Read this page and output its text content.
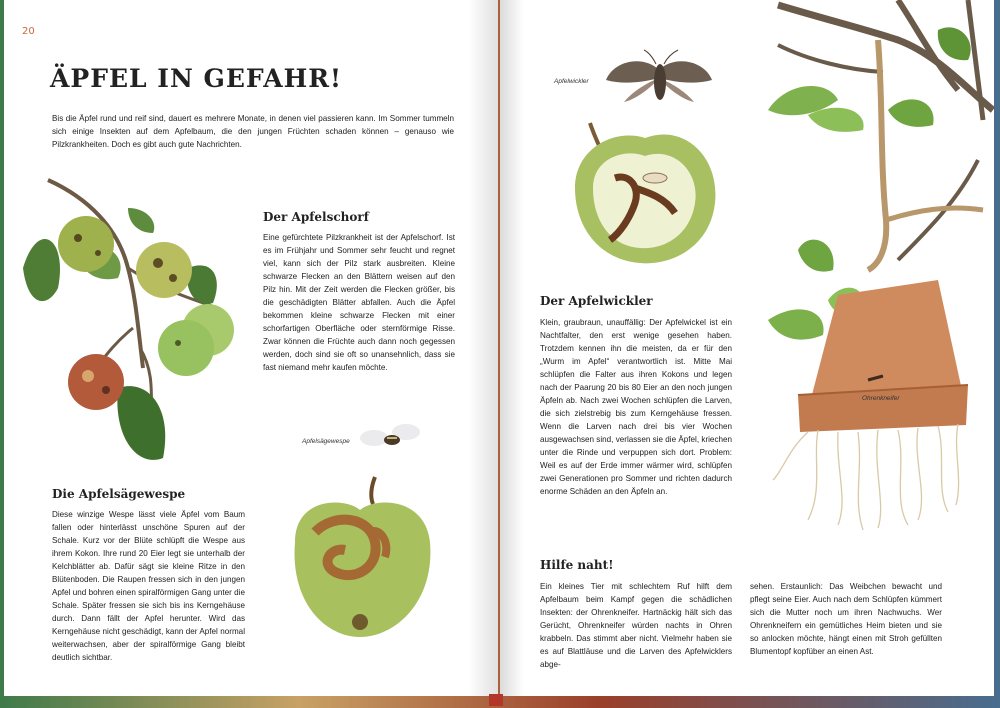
20
ÄPFEL IN GEFAHR!
Bis die Äpfel rund und reif sind, dauert es mehrere Monate, in denen viel passieren kann. Im Sommer tummeln sich einige Insekten auf dem Apfelbaum, die den jungen Früchten schaden können – genauso wie Pilzkrankheiten. Doch es gibt auch gute Nachrichten.
Der Apfelschorf
Eine gefürchtete Pilzkrankheit ist der Apfelschorf. Ist es im Frühjahr und Sommer sehr feucht und regnet viel, kann sich der Pilz stark ausbreiten. Kleine schwarze Flecken an den Blättern weisen auf den Pilz hin. Mit der Zeit werden die Flecken größer, bis die geschädigten Blätter abfallen. Auch die Äpfel bekommen kleine schwarze Flecken mit einer schorfartigen Oberfläche oder sternförmige Risse. Zwar können die Früchte auch dann noch gegessen werden, doch sind sie oft so unansehnlich, dass sie fast niemand mehr kaufen möchte.
Apfelsägewespe
Die Apfelsägewespe
Diese winzige Wespe lässt viele Äpfel vom Baum fallen oder hinterlässt unschöne Spuren auf der Schale. Kurz vor der Blüte schlüpft die Wespe aus ihrem Kokon. Ihre rund 20 Eier legt sie unterhalb der Kelchblätter ab. Dafür sägt sie kleine Ritze in den Blütenboden. Die Raupen fressen sich in den jungen Apfel und bohren einen spiralförmigen Gang unter die Schale. Später fressen sie sich bis ins Kerngehäuse durch. Dann fällt der Apfel herunter. Wird das Kerngehäuse nicht geschädigt, kann der Apfel normal weiterwachsen, aber der spiralförmige Gang bleibt deutlich sichtbar.
Apfelwickler
Der Apfelwickler
Klein, graubraun, unauffällig: Der Apfelwickel ist ein Nachtfalter, den erst wenige gesehen haben. Trotzdem kennen ihn die meisten, da er für den „Wurm im Apfel“ verantwortlich ist. Mitte Mai schlüpfen die Falter aus ihren Kokons und legen nach der Paarung 20 bis 80 Eier an den noch jungen Äpfeln ab. Nach zwei Wochen schlüpfen die Larven, die sich zielstrebig bis zum Kerngehäuse fressen. Wenn die Larven nach drei bis vier Wochen ausgewachsen sind, verlassen sie die Äpfel, kriechen unter die Rinde und verpuppen sich dort. Problem: Weil es auf der Erde immer wärmer wird, schlüpfen zwei Generationen pro Sommer und richten dadurch enorme Schäden an den Äpfeln an.
Ohrenkneifer
Hilfe naht!
Ein kleines Tier mit schlechtem Ruf hilft dem Apfelbaum beim Kampf gegen die schädlichen Insekten: der Ohrenkneifer. Hartnäckig hält sich das Gerücht, Ohrenkneifer würden nachts in Ohren krabbeln. Das stimmt aber nicht. Vielmehr haben sie es auf Blattläuse und die Larven des Apfelwicklers abge-
sehen. Erstaunlich: Das Weibchen bewacht und pflegt seine Eier. Auch nach dem Schlüpfen kümmert sich die Mutter noch um ihren Nachwuchs. Wer Ohrenkneifern ein gemütliches Heim bieten und sie so anlocken möchte, hängt einen mit Stroh gefüllten Blumentopf kopfüber an einen Ast.
